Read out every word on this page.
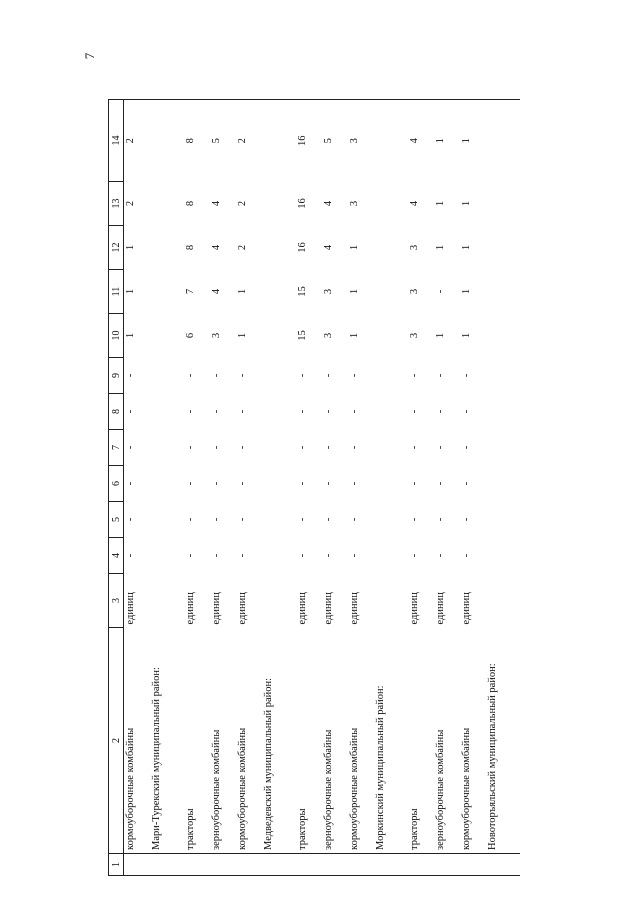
7
1	2	3	4	5	6	7	8	9	10	11	12	13	14
	кормоуборочные комбайны	единиц	-	-	-	-	-	-	1	1	1	2	2
	Мари-Турекский муниципальный район:												
	тракторы	единиц	-	-	-	-	-	-	6	7	8	8	8
	зерноуборочные комбайны	единиц	-	-	-	-	-	-	3	4	4	4	5
	кормоуборочные комбайны	единиц	-	-	-	-	-	-	1	1	2	2	2
	Медведевский муниципальный район:												
	тракторы	единиц	-	-	-	-	-	-	15	15	16	16	16
	зерноуборочные комбайны	единиц	-	-	-	-	-	-	3	3	4	4	5
	кормоуборочные комбайны	единиц	-	-	-	-	-	-	1	1	1	3	3
	Моркинский муниципальный район:												
	тракторы	единиц	-	-	-	-	-	-	3	3	3	4	4
	зерноуборочные комбайны	единиц	-	-	-	-	-	-	1	-	1	1	1
	кормоуборочные комбайны	единиц	-	-	-	-	-	-	1	1	1	1	1
	Новоторъяльский муниципальный район:												
